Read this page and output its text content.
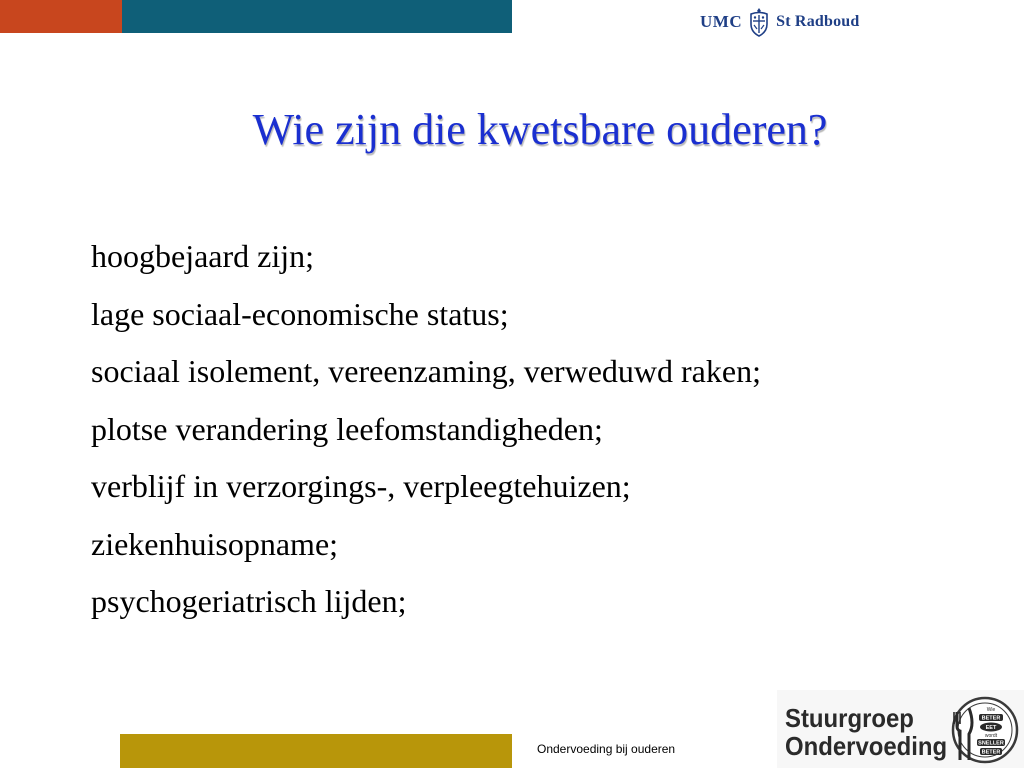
UMC St Radboud
Wie zijn die kwetsbare ouderen?
hoogbejaard zijn;
lage sociaal-economische status;
sociaal isolement, vereenzaming, verweduwd raken;
plotse verandering leefomstandigheden;
verblijf in verzorgings-, verpleegtehuizen;
ziekenhuisopname;
psychogeriatrisch lijden;
Ondervoeding bij ouderen
Stuurgroep
Ondervoeding
Wie
BETER
EET
wordt
SNELLER
BETER
